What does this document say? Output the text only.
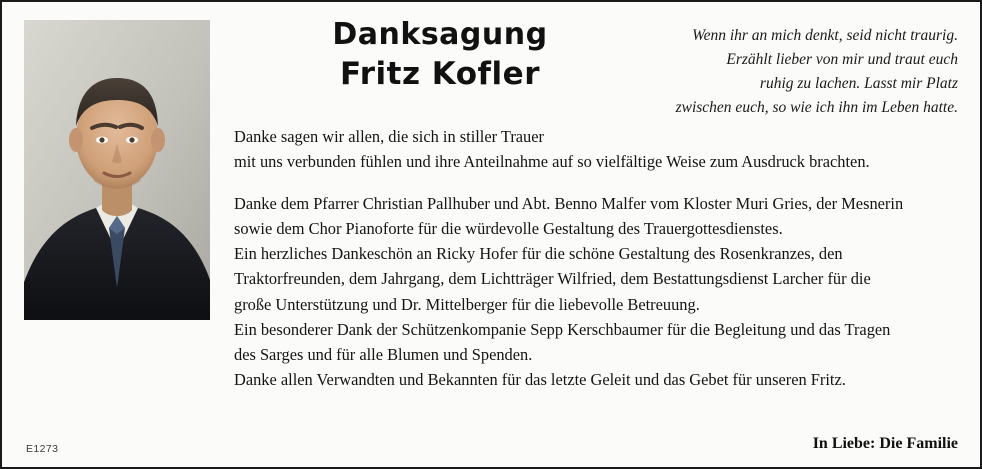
Danksagung
Fritz Kofler
Wenn ihr an mich denkt, seid nicht traurig.
Erzählt lieber von mir und traut euch
ruhig zu lachen. Lasst mir Platz
zwischen euch, so wie ich ihn im Leben hatte.
Danke sagen wir allen, die sich in stiller Trauer
mit uns verbunden fühlen und ihre Anteilnahme auf so vielfältige Weise zum Ausdruck brachten.
Danke dem Pfarrer Christian Pallhuber und Abt. Benno Malfer vom Kloster Muri Gries, der Mesnerin
sowie dem Chor Pianoforte für die würdevolle Gestaltung des Trauergottesdienstes.
Ein herzliches Dankeschön an Ricky Hofer für die schöne Gestaltung des Rosenkranzes, den
Traktorfreunden, dem Jahrgang, dem Lichtträger Wilfried, dem Bestattungsdienst Larcher für die
große Unterstützung und Dr. Mittelberger für die liebevolle Betreuung.
Ein besonderer Dank der Schützenkompanie Sepp Kerschbaumer für die Begleitung und das Tragen
des Sarges und für alle Blumen und Spenden.
Danke allen Verwandten und Bekannten für das letzte Geleit und das Gebet für unseren Fritz.
E1273	In Liebe: Die Familie
